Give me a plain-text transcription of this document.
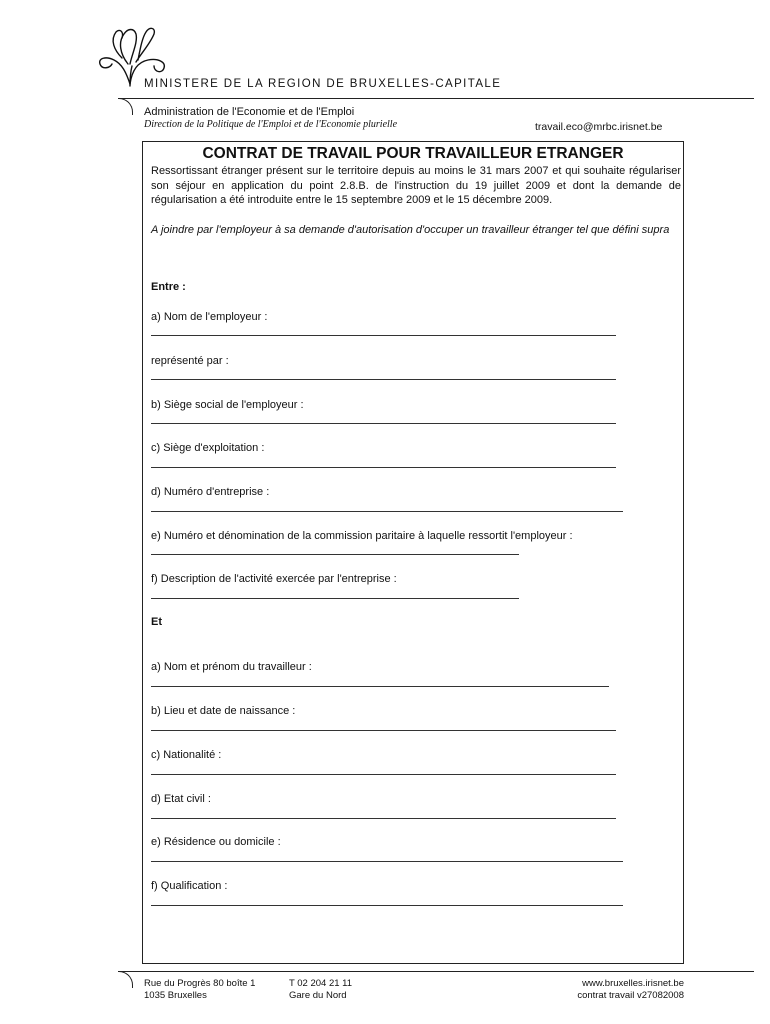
MINISTERE DE LA REGION DE BRUXELLES-CAPITALE
Administration de l'Economie et de l'Emploi
Direction de la Politique de l'Emploi et de l'Economie plurielle	travail.eco@mrbc.irisnet.be
CONTRAT DE TRAVAIL POUR TRAVAILLEUR ETRANGER
Ressortissant étranger présent sur le territoire depuis au moins le 31 mars 2007 et qui souhaite régulariser son séjour en application du point 2.8.B. de l'instruction du 19 juillet 2009 et dont la demande de régularisation a été introduite entre le 15 septembre 2009 et le 15 décembre 2009.
A joindre par l'employeur à sa demande d'autorisation d'occuper un travailleur étranger tel que défini supra
Entre :
a) Nom de l'employeur :
représenté par :
b) Siège social de l'employeur :
c) Siège d'exploitation :
d) Numéro d'entreprise :
e) Numéro et dénomination de la commission paritaire à laquelle ressortit l'employeur :
f) Description de l'activité exercée par l'entreprise :
Et
a) Nom et prénom du travailleur :
b) Lieu et date de naissance :
c) Nationalité :
d) Etat civil :
e) Résidence ou domicile :
f) Qualification :
Rue du Progrès 80 boîte 1
1035 Bruxelles
T 02 204 21 11
Gare du Nord
www.bruxelles.irisnet.be
contrat travail v27082008
